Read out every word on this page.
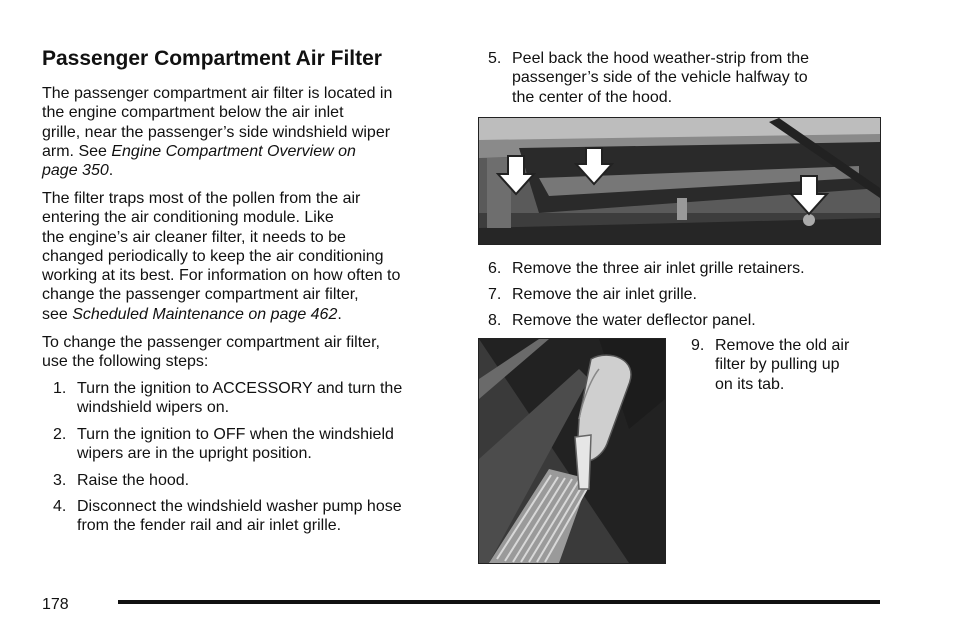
Passenger Compartment Air Filter
The passenger compartment air filter is located in
the engine compartment below the air inlet
grille, near the passenger’s side windshield wiper
arm. See Engine Compartment Overview on
page 350.
The filter traps most of the pollen from the air
entering the air conditioning module. Like
the engine’s air cleaner filter, it needs to be
changed periodically to keep the air conditioning
working at its best. For information on how often to
change the passenger compartment air filter,
see Scheduled Maintenance on page 462.
To change the passenger compartment air filter,
use the following steps:
1. Turn the ignition to ACCESSORY and turn the
windshield wipers on.
2. Turn the ignition to OFF when the windshield
wipers are in the upright position.
3. Raise the hood.
4. Disconnect the windshield washer pump hose
from the fender rail and air inlet grille.
5. Peel back the hood weather-strip from the
passenger’s side of the vehicle halfway to
the center of the hood.
6. Remove the three air inlet grille retainers.
7. Remove the air inlet grille.
8. Remove the water deflector panel.
9. Remove the old air
filter by pulling up
on its tab.
178
